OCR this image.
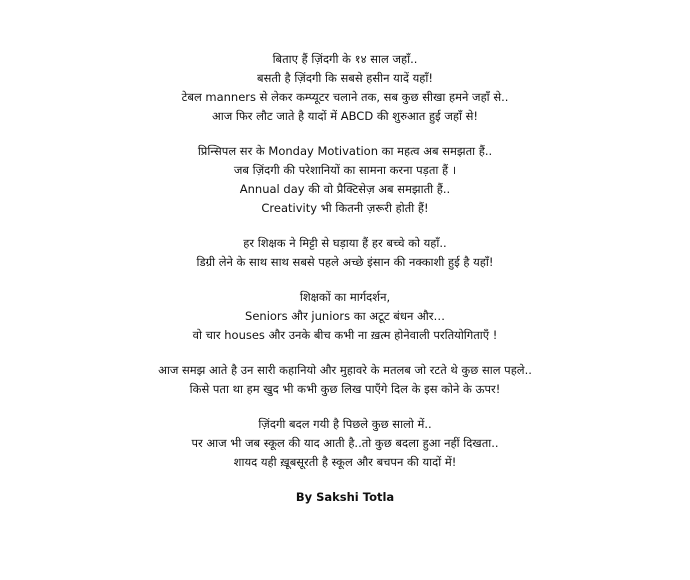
बिताए हैं ज़िंदगी के १४ साल जहाँ..
बसती है ज़िंदगी कि सबसे हसीन यादें यहाँ!
टेबल manners से लेकर कम्प्यूटर चलाने तक, सब कुछ सीखा हमने जहाँ से..
आज फिर लौट जाते है यादों में ABCD की शुरुआत हुई जहाँ से!
प्रिन्सिपल सर के Monday Motivation का महत्व अब समझता हैं..
जब ज़िंदगी की परेशानियों का सामना करना पड़ता हैं ।
Annual day की वो प्रैक्टिसेज़ अब समझाती हैं..
Creativity भी कितनी ज़रूरी होती हैं!
हर शिक्षक ने मिट्टी से घड़ाया हैं हर बच्चे को यहाँ..
डिग्री लेने के साथ साथ सबसे पहले अच्छे इंसान की नक्काशी हुई है यहाँ!
शिक्षकों का मार्गदर्शन,
Seniors और juniors का अटूट बंधन और…
वो चार houses और उनके बीच कभी ना ख़त्म होनेवाली परतियोगिताएँ !
आज समझ आते है उन सारी कहानियो और मुहावरे के मतलब जो रटते थे कुछ साल पहले..
किसे पता था हम खुद भी कभी कुछ लिख पाएँगे दिल के इस कोने के ऊपर!
ज़िंदगी बदल गयी है पिछले कुछ सालो में..
पर आज भी जब स्कूल की याद आती है..तो कुछ बदला हुआ नहीं दिखता..
शायद यही ख़ूबसूरती है स्कूल और बचपन की यादों में!
By Sakshi Totla
